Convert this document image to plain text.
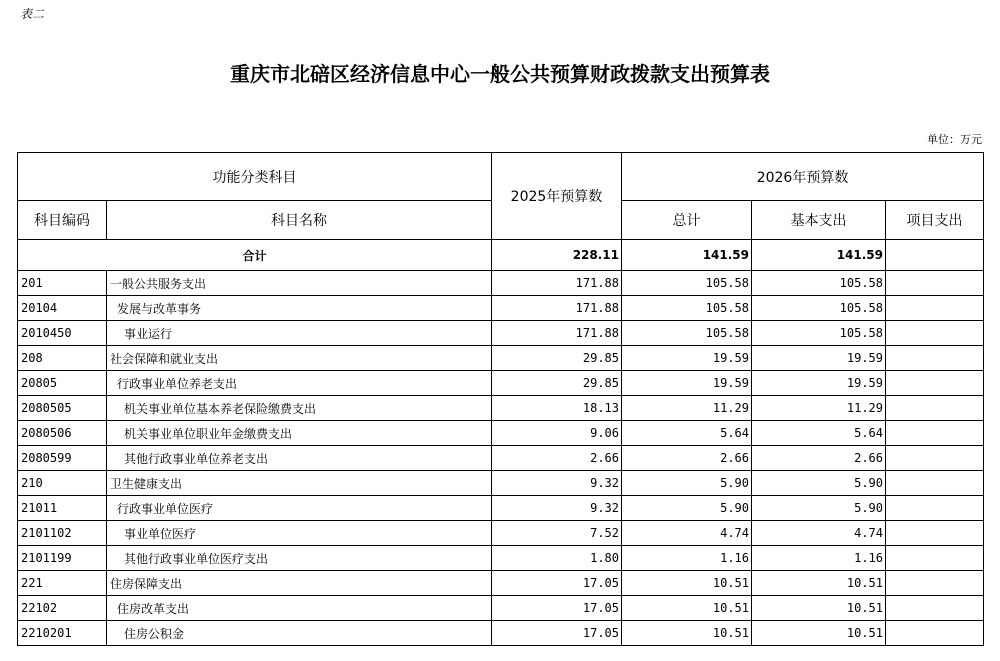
表二
重庆市北碚区经济信息中心一般公共预算财政拨款支出预算表
单位：万元
功能分类科目		2025年预算数	2026年预算数		
科目编码	科目名称		总计	基本支出	项目支出
合计		228.11	141.59	141.59	
201	一般公共服务支出	171.88	105.58	105.58	
20104	发展与改革事务	171.88	105.58	105.58	
2010450	事业运行	171.88	105.58	105.58	
208	社会保障和就业支出	29.85	19.59	19.59	
20805	行政事业单位养老支出	29.85	19.59	19.59	
2080505	机关事业单位基本养老保险缴费支出	18.13	11.29	11.29	
2080506	机关事业单位职业年金缴费支出	9.06	5.64	5.64	
2080599	其他行政事业单位养老支出	2.66	2.66	2.66	
210	卫生健康支出	9.32	5.90	5.90	
21011	行政事业单位医疗	9.32	5.90	5.90	
2101102	事业单位医疗	7.52	4.74	4.74	
2101199	其他行政事业单位医疗支出	1.80	1.16	1.16	
221	住房保障支出	17.05	10.51	10.51	
22102	住房改革支出	17.05	10.51	10.51	
2210201	住房公积金	17.05	10.51	10.51	
